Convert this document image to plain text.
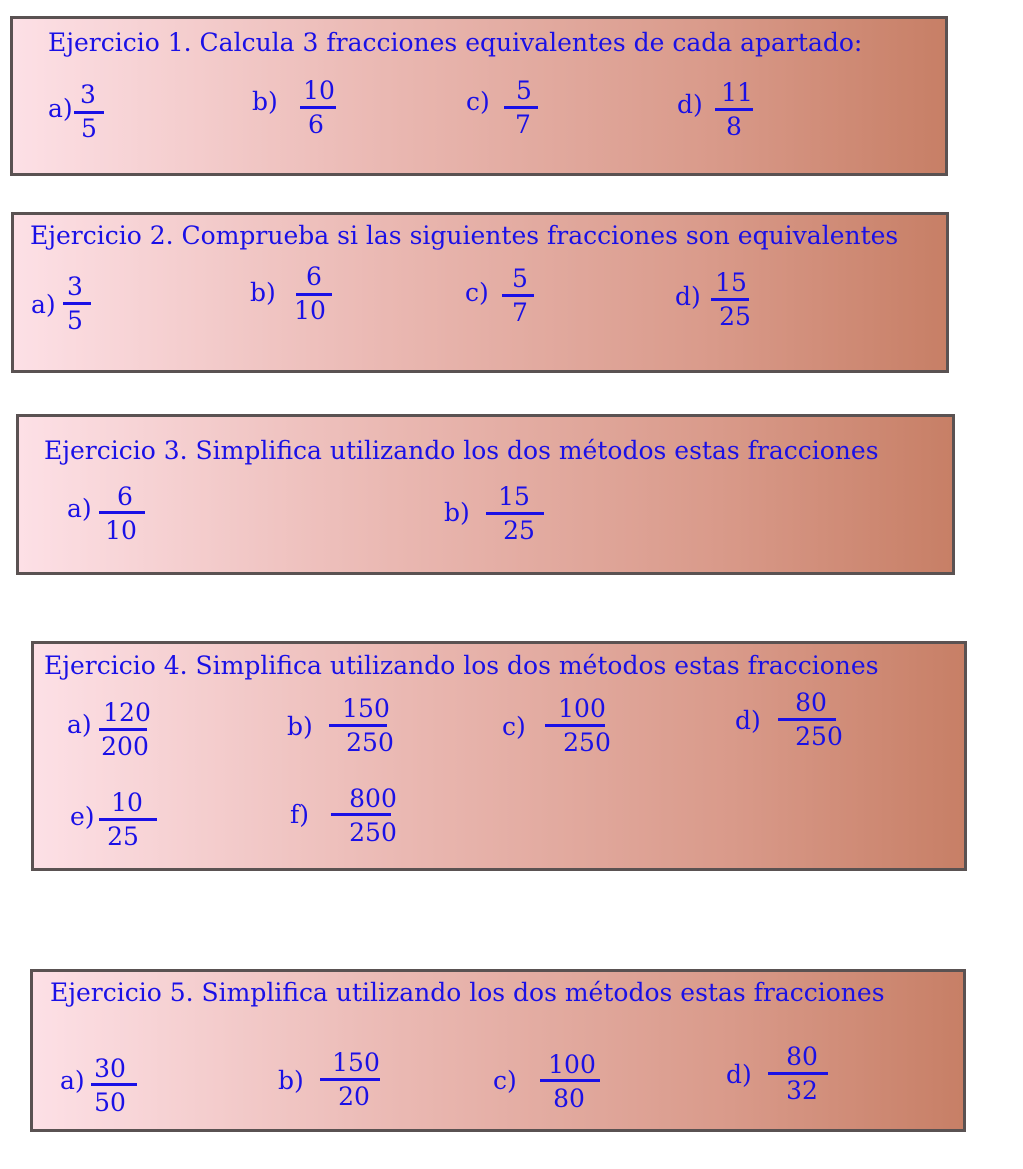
Ejercicio 1. Calcula 3 fracciones equivalentes de cada apartado:
a) 3
5
b)	10
6
c)	5
7
d) 11
8
Ejercicio 2. Comprueba si las siguientes fracciones son equivalentes
a)
3
5
b)
6
10
c) 5
7
d) 15
25
Ejercicio 3. Simplifica utilizando los dos métodos estas fracciones
a)	6
10
b)
15
25
Ejercicio 4. Simplifica utilizando los dos métodos estas fracciones
a) 120
200
b)
150
250
c)
100
250
d)
80
250
e) 10
25
f)
800
250
Ejercicio 5. Simplifica utilizando los dos métodos estas fracciones
a) 30
50
b)
150
20
c)
100
80
d)
80
32
